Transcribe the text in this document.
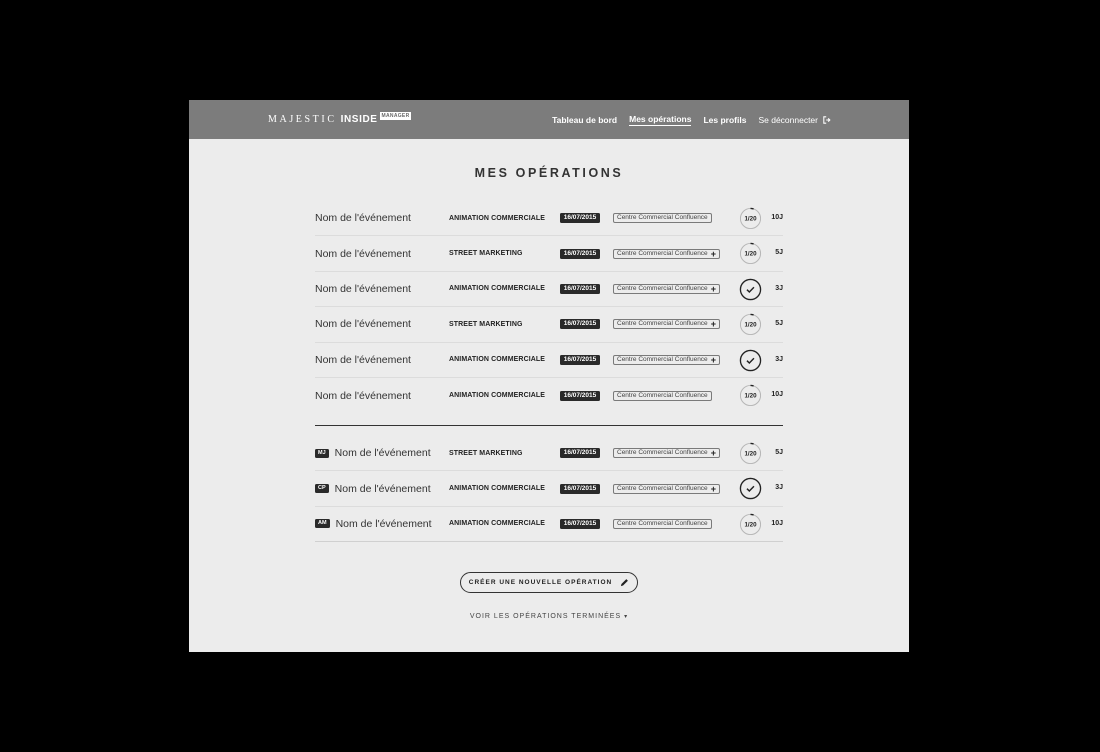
MAJESTIC INSIDE MANAGER	Tableau de bord Mes opérations Les profils Se déconnecter
MES OPÉRATIONS
Nom de l'événement	ANIMATION COMMERCIALE	16/07/2015	Centre Commercial Confluence	1/20 10J
Nom de l'événement	STREET MARKETING	16/07/2015	Centre Commercial Confluence +	1/20	5J
Nom de l'événement	ANIMATION COMMERCIALE	16/07/2015	Centre Commercial Confluence +	3J
Nom de l'événement	STREET MARKETING	16/07/2015	Centre Commercial Confluence +	1/20	5J
Nom de l'événement	ANIMATION COMMERCIALE	16/07/2015	Centre Commercial Confluence +	3J
Nom de l'événement	ANIMATION COMMERCIALE	16/07/2015	Centre Commercial Confluence	1/20 10J
MJ Nom de l'événement	STREET MARKETING	16/07/2015	Centre Commercial Confluence +	1/20	5J
CP Nom de l'événement	ANIMATION COMMERCIALE	16/07/2015	Centre Commercial Confluence +	3J
AM Nom de l'événement ANIMATION COMMERCIALE	16/07/2015	Centre Commercial Confluence	1/20 10J
CRÉER UNE NOUVELLE OPÉRATION
VOIR LES OPÉRATIONS TERMINÉES ▾
